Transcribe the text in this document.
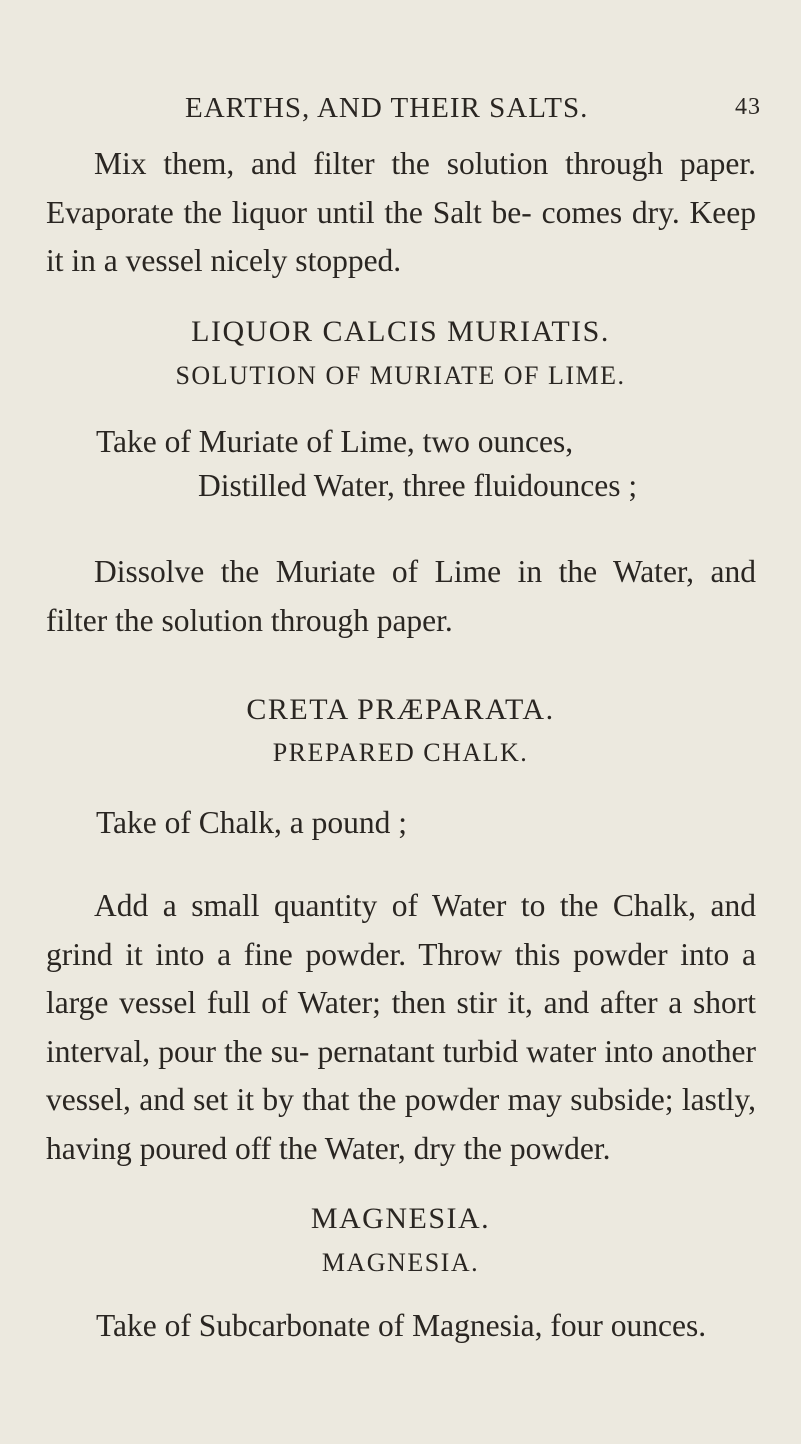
EARTHS, AND THEIR SALTS.	43

Mix them, and filter the solution through paper. Evaporate the liquor until the Salt be- comes dry. Keep it in a vessel nicely stopped.

LIQUOR CALCIS MURIATIS.

SOLUTION OF MURIATE OF LIME.

Take of Muriate of Lime, two ounces,

Distilled Water, three fluidounces ;

Dissolve the Muriate of Lime in the Water, and filter the solution through paper.

CRETA PRÆPARATA.

PREPARED CHALK.

Take of Chalk, a pound ;

Add a small quantity of Water to the Chalk, and grind it into a fine powder. Throw this powder into a large vessel full of Water; then stir it, and after a short interval, pour the su- pernatant turbid water into another vessel, and set it by that the powder may subside; lastly, having poured off the Water, dry the powder.

MAGNESIA.

MAGNESIA.

Take of Subcarbonate of Magnesia, four ounces.
